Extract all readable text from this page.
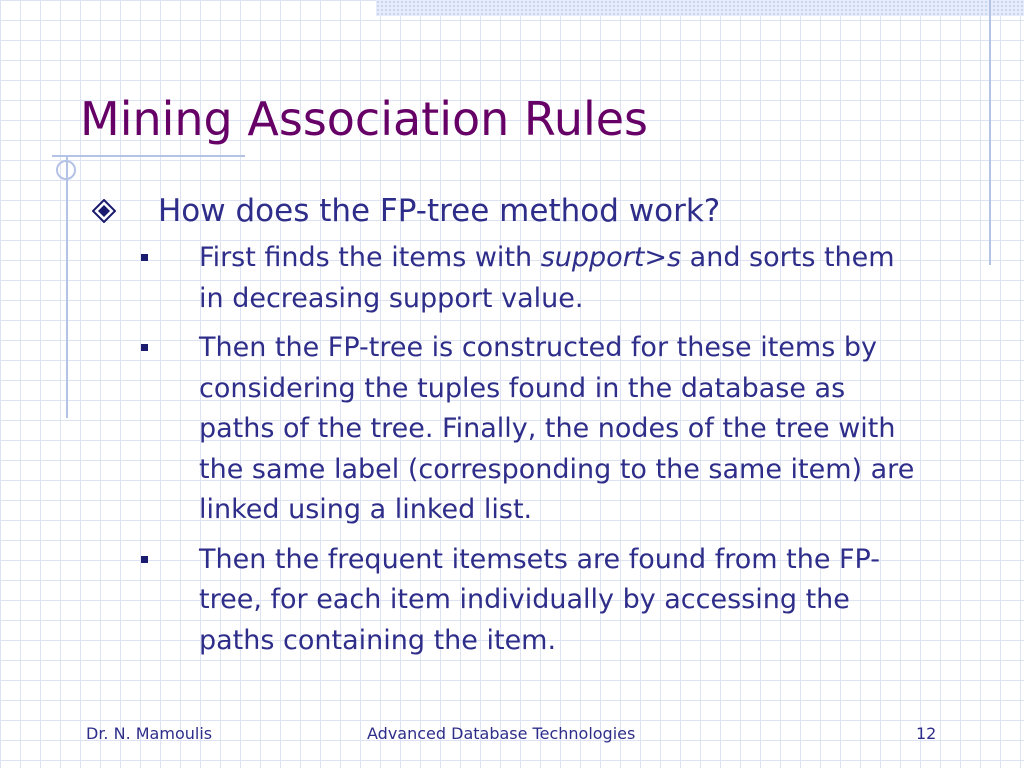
Mining Association Rules
How does the FP-tree method work?
First finds the items with support>s and sorts them in decreasing support value.
Then the FP-tree is constructed for these items by considering the tuples found in the database as paths of the tree. Finally, the nodes of the tree with the same label (corresponding to the same item) are linked using a linked list.
Then the frequent itemsets are found from the FP-tree, for each item individually by accessing the paths containing the item.
Dr. N. Mamoulis	Advanced Database Technologies	12
